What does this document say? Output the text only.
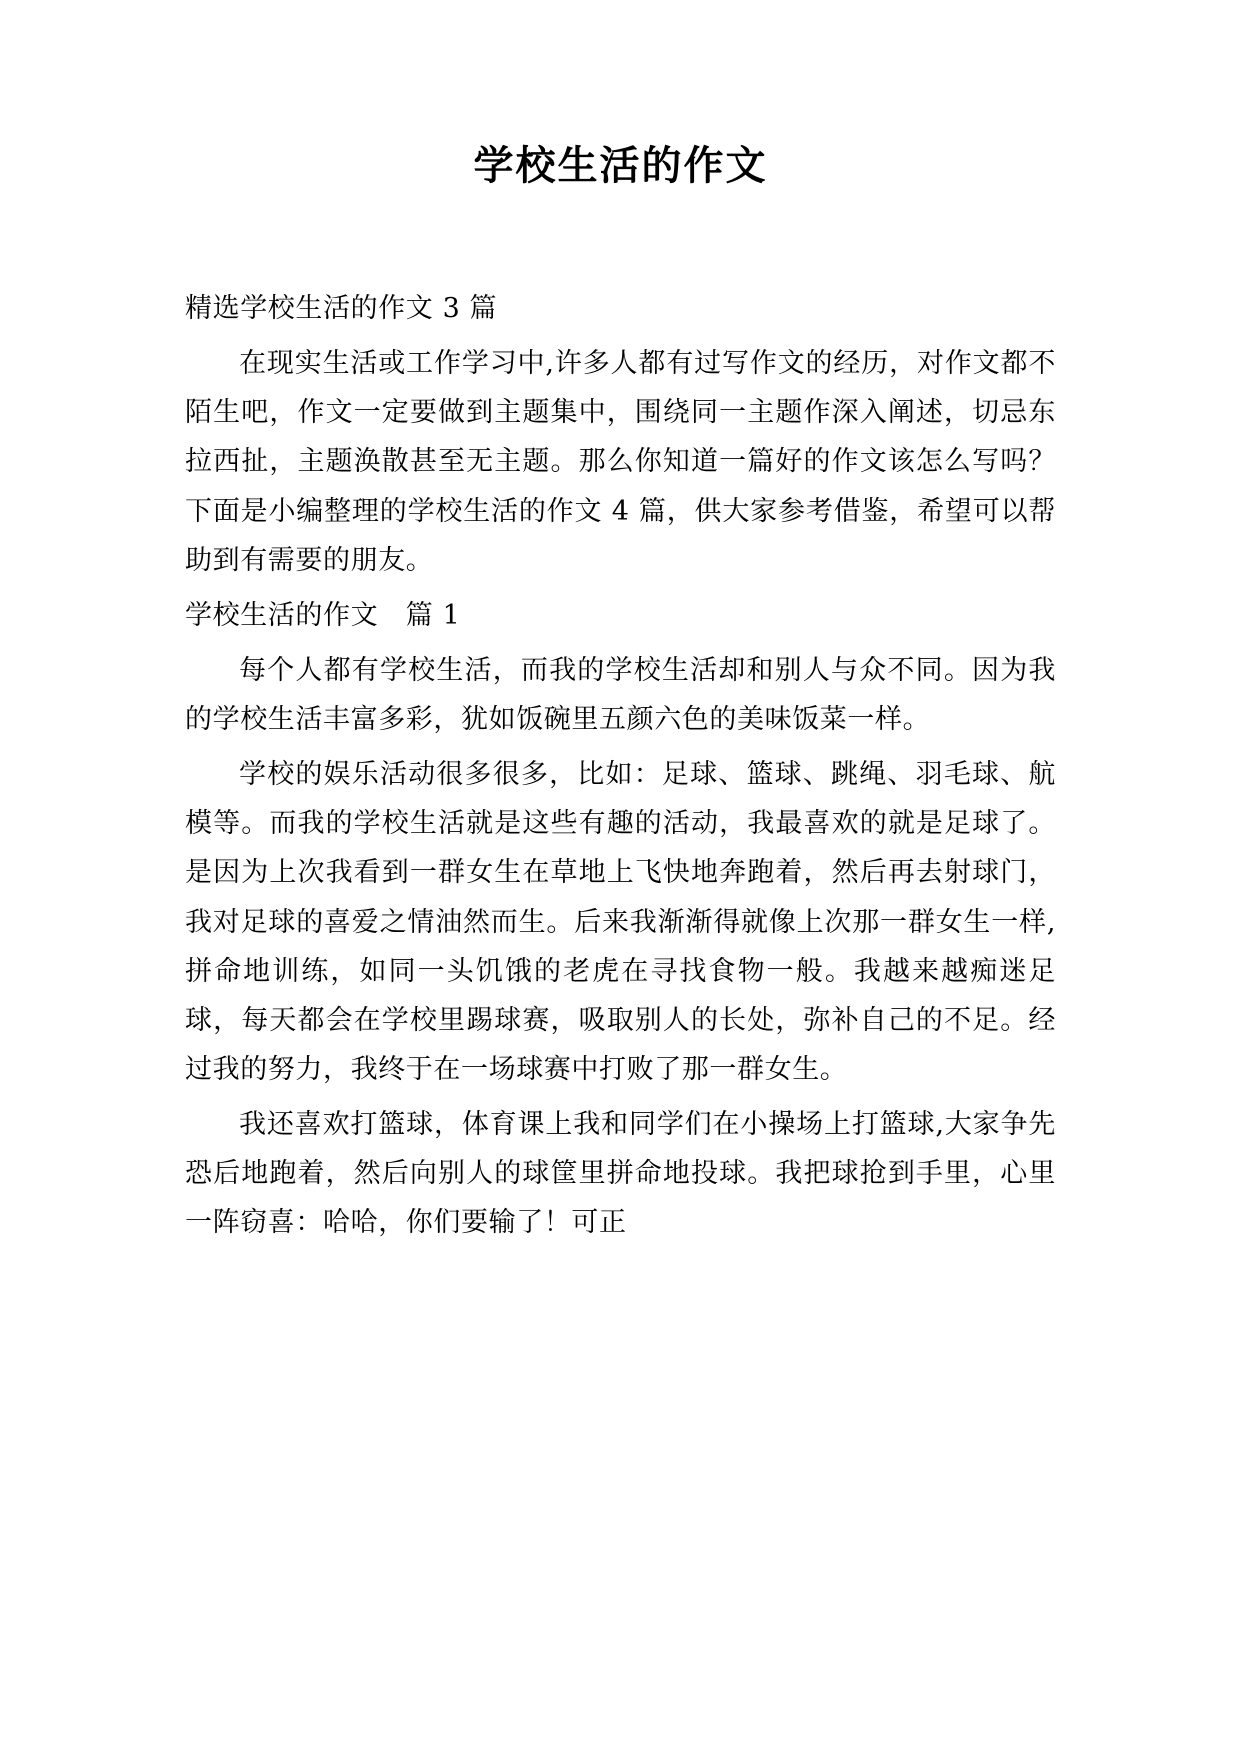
学校生活的作文

精选学校生活的作文 3 篇

在现实生活或工作学习中,许多人都有过写作文的经历，对作文都不陌生吧，作文一定要做到主题集中，围绕同一主题作深入阐述，切忌东拉西扯，主题涣散甚至无主题。那么你知道一篇好的作文该怎么写吗？下面是小编整理的学校生活的作文 4 篇，供大家参考借鉴，希望可以帮助到有需要的朋友。

学校生活的作文　篇 1

每个人都有学校生活，而我的学校生活却和别人与众不同。因为我的学校生活丰富多彩，犹如饭碗里五颜六色的美味饭菜一样。

学校的娱乐活动很多很多，比如：足球、篮球、跳绳、羽毛球、航模等。而我的学校生活就是这些有趣的活动，我最喜欢的就是足球了。是因为上次我看到一群女生在草地上飞快地奔跑着，然后再去射球门，我对足球的喜爱之情油然而生。后来我渐渐得就像上次那一群女生一样,拼命地训练，如同一头饥饿的老虎在寻找食物一般。我越来越痴迷足球，每天都会在学校里踢球赛，吸取别人的长处，弥补自己的不足。经过我的努力，我终于在一场球赛中打败了那一群女生。

我还喜欢打篮球，体育课上我和同学们在小操场上打篮球,大家争先恐后地跑着，然后向别人的球筐里拼命地投球。我把球抢到手里，心里一阵窃喜：哈哈，你们要输了！可正
